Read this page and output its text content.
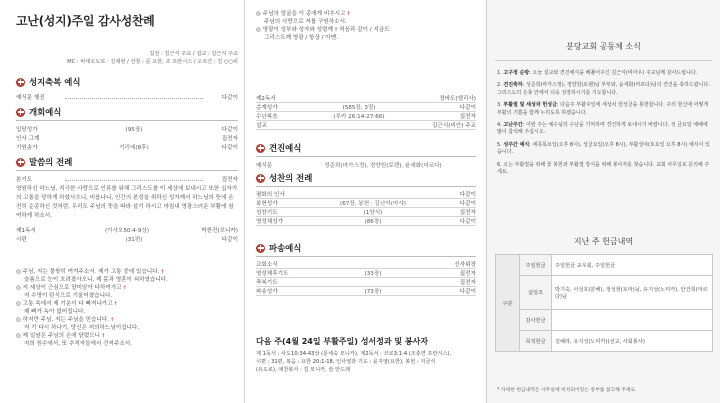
고난(성지)주일 감사성찬례
집전 : 김근식 주교 / 설교 : 김근식 주교
MC : 바대오도로 · 김재현 / 선창 : 문 요한, 조 프란시스 / 오르간 : 김 ○○피
성지축복 예식
예식문 행진	다같이
개회예식
입당성가	(95장)	다같이
인사 그계	집전자
기원송가	기리에(8후)	다같이
말씀의 전례
본기도	집전자
영원하신 하느님, 지극한 사랑으로 인류를 위해 그리스도를 이 세상에 보내시고 또한 십자가의 고통을 당하게 하셨사오니, 비옵나니, 인간의 본성을 취하신 성자께서 하느님의 뜻에 온전히 순종하신 것처럼, 우리도 주님의 뜻을 따라 살기 하시고 마침내 영광스러운 부활에 참여하게 하소서.
제1독서	(이사오50:4-9상)	박찬진(모니카)
시편	(31편)	다같이
◎ 주님, 저는 불쌍히 여겨주소서. 제가 고통 중에 있습니다. †
슬픔으로 눈이 흐려졌사오니, 제 몸과 영혼이 쇠하였습니다.
◎ 저 세상이 근심으로 말미암아 다하여가고 †
저 수명이 탄식으로 기울어졌습니다.
◎ 고통 속에서 제 기운이 다 빠져나가고 †
제 뼈가 녹아 없어집니다.
◎ 하지만 주님, 저는 주님을 믿습니다. †
저 기 다시 하나기, 당신은 저의하느님이십니다.
◎ 제 일날은 주님의 손에 달렸으니 †
저희 원수에서, 또 추적자들에서 건져주소서.
◎ 주님의 얼굴을 이 종에게 비추시고 †
주님의 사랑으로 저를 구원하소서.
◎ 영광이 성부와 성자와 성령께 † 처음과 같이 / 지금도
그리스도께 영광 / 항상 / 아멘.
제2독서	정바도(엘리사)
층계성가	(585장, 3절)	다같이
수난복음	(루카 26:14-27:66)	집전자
설교	김근식(비안) 주교
견진예식
예식문	정준희(마가스정), 정양원(로렌), 윤세화(마르다)
성찬의 전례
평화의 인사	다같이
봉헌성가	(67장, 봉헌 : 김난이(마샤)	다같이
성찬기도	(1양식)	집전자
영성체성가	(86장)	다같이
파송예식
교회소식	신자위장
영성체후기도	(33장)	집전자
축복기도	집전자
파송성가	(73장)	다같이
다음 주(4월 24일 부활주일) 성서정과 및 봉사자
제 1독서 : 사도10:34-43상 (문세숙 모니카), 제2독서 : 코로3:1-4 (조충연 프란시스),
시편 : 31편, 복음 : 요한 20:1-18, 인사영과 기도 : 윤지영(요한), 봉헌 : 지금식
(유도로), 애찬봉사 : 김 모니카, 슬 안드레
분당교회 공동체 소식
1. 고구정 순방: 오늘 설교와 견진예식을 베풀어주신 김근식(비아우) 주교님께 감사드립니다.
2. 견진축하: 성준희(마가스정), 정양원(로렌)님 부부와, 윤세화(마르다)님의 견진을 축하드립니다. 그리스도의 은총 안에서 더욱 성장하시기를 기도합니다.
3. 부활절 및 세성차 헌성금: 다음주 부활주일에 세성차 헌성금을 봉헌합니다. 주의 현신에 어떻게 부활의 기쁨을 함께 누리도록 하겠습니다.
4. 고난주간: 이번 주는 예수님의 수난을 기억하며 경건하게 보내시기 바랍니다. 성 금요일 예배에 많이 참석해 주십시오.
5. 성주간 예식: 세족목요일(오후 8시), 성금요일(오후 8시), 부활성야(토요일 오후 8시) 예식이 있습니다.
6. 오는 부활절을 위해 꽃 봉헌과 부활절 장식을 위해 봉사자를 찾습니다. 교회 사무실로 문의해 주세요.
지난 주 헌금내역
구분	주일헌금	주일헌금 교우회, 주일헌금
	십일조	박기숙, 이성호(분해), 정성현(토마)님, 유지성(노미카), 안건희(마르다)님
	감사헌금	
	목적헌금	김혜라, 유지성(노미카)(선교, 사회봉사)
* 자세한 헌금내역은 사무실에 비치되어있는 장부를 참고해 주세요.
